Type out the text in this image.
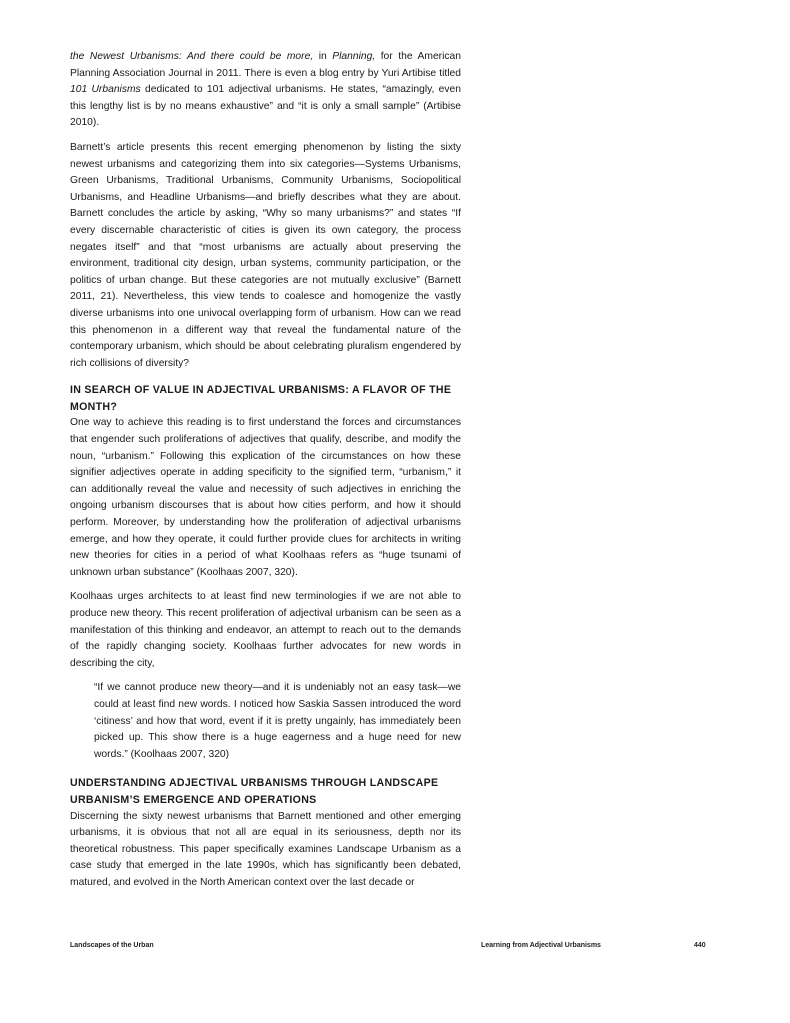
the Newest Urbanisms: And there could be more, in Planning, for the American Planning Association Journal in 2011. There is even a blog entry by Yuri Artibise titled 101 Urbanisms dedicated to 101 adjectival urbanisms. He states, “amazingly, even this lengthy list is by no means exhaustive” and “it is only a small sample” (Artibise 2010).

Barnett’s article presents this recent emerging phenomenon by listing the sixty newest urbanisms and categorizing them into six categories—Systems Urbanisms, Green Urbanisms, Traditional Urbanisms, Community Urbanisms, Sociopolitical Urbanisms, and Headline Urbanisms—and briefly describes what they are about. Barnett concludes the article by asking, “Why so many urbanisms?” and states “If every discernable characteristic of cities is given its own category, the process negates itself” and that “most urbanisms are actually about preserving the environment, traditional city design, urban systems, community participation, or the politics of urban change. But these categories are not mutually exclusive” (Barnett 2011, 21). Nevertheless, this view tends to coalesce and homogenize the vastly diverse urbanisms into one univocal overlapping form of urbanism. How can we read this phenomenon in a different way that reveal the fundamental nature of the contemporary urbanism, which should be about celebrating pluralism engendered by rich collisions of diversity?

IN SEARCH OF VALUE IN ADJECTIVAL URBANISMS: A FLAVOR OF THE MONTH?

One way to achieve this reading is to first understand the forces and circumstances that engender such proliferations of adjectives that qualify, describe, and modify the noun, “urbanism.” Following this explication of the circumstances on how these signifier adjectives operate in adding specificity to the signified term, “urbanism,” it can additionally reveal the value and necessity of such adjectives in enriching the ongoing urbanism discourses that is about how cities perform, and how it should perform. Moreover, by understanding how the proliferation of adjectival urbanisms emerge, and how they operate, it could further provide clues for architects in writing new theories for cities in a period of what Koolhaas refers as “huge tsunami of unknown urban substance” (Koolhaas 2007, 320).

Koolhaas urges architects to at least find new terminologies if we are not able to produce new theory. This recent proliferation of adjectival urbanism can be seen as a manifestation of this thinking and endeavor, an attempt to reach out to the demands of the rapidly changing society. Koolhaas further advocates for new words in describing the city,

“If we cannot produce new theory—and it is undeniably not an easy task—we could at least find new words. I noticed how Saskia Sassen introduced the word ‘citiness’ and how that word, event if it is pretty ungainly, has immediately been picked up. This show there is a huge eagerness and a huge need for new words.” (Koolhaas 2007, 320)
UNDERSTANDING ADJECTIVAL URBANISMS THROUGH LANDSCAPE URBANISM’S EMERGENCE AND OPERATIONS

Discerning the sixty newest urbanisms that Barnett mentioned and other emerging urbanisms, it is obvious that not all are equal in its seriousness, depth nor its theoretical robustness. This paper specifically examines Landscape Urbanism as a case study that emerged in the late 1990s, which has significantly been debated, matured, and evolved in the North American context over the last decade or

Landscapes of the Urban	Learning from Adjectival Urbanisms	440
